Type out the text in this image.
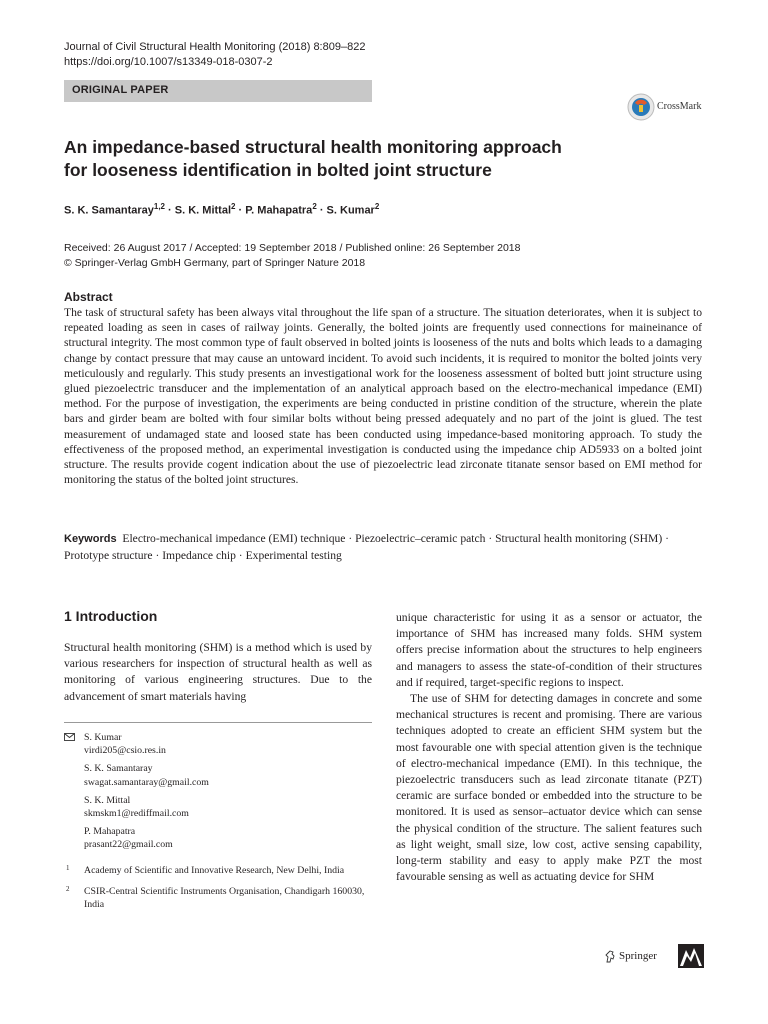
Journal of Civil Structural Health Monitoring (2018) 8:809–822
https://doi.org/10.1007/s13349-018-0307-2
ORIGINAL PAPER
CrossMark
An impedance-based structural health monitoring approach
for looseness identification in bolted joint structure
S. K. Samantaray$^{1,2}$ · S. K. Mittal$^2$ · P. Mahapatra$^2$ · S. Kumar$^2$
Received: 26 August 2017 / Accepted: 19 September 2018 / Published online: 26 September 2018
© Springer-Verlag GmbH Germany, part of Springer Nature 2018
Abstract
The task of structural safety has been always vital throughout the life span of a structure. The situation deteriorates, when it is subject to repeated loading as seen in cases of railway joints. Generally, the bolted joints are frequently used connections for maineinance of structural integrity. The most common type of fault observed in bolted joints is looseness of the nuts and bolts which leads to a damaging change by contact pressure that may cause an untoward incident. To avoid such incidents, it is required to monitor the bolted joints very meticulously and regularly. This study presents an investigational work for the looseness assessment of bolted butt joint structure using glued piezoelectric transducer and the implementation of an analytical approach based on the electro-mechanical impedance (EMI) method. For the purpose of investigation, the experiments are being conducted in pristine condition of the structure, wherein the plate bars and girder beam are bolted with four similar bolts without being pressed adequately and no part of the joint is glued. The test measurement of undamaged state and loosed state has been conducted using impedance-based monitoring approach. To study the effectiveness of the proposed method, an experimental investigation is conducted using the impedance chip AD5933 on a bolted joint structure. The results provide cogent indication about the use of piezoelectric lead zirconate titanate sensor based on EMI method for monitoring the status of the bolted joint structures.
Keywords Electro-mechanical impedance (EMI) technique · Piezoelectric–ceramic patch · Structural health monitoring (SHM) · Prototype structure · Impedance chip · Experimental testing
1 Introduction
Structural health monitoring (SHM) is a method which is used by various researchers for inspection of structural health as well as monitoring of various engineering structures. Due to the advancement of smart materials having
S. Kumar
virdi205@csio.res.in
S. K. Samantaray
swagat.samantaray@gmail.com
S. K. Mittal
skmskm1@rediffmail.com
P. Mahapatra
prasant22@gmail.com
1 Academy of Scientific and Innovative Research, New Delhi, India
2 CSIR-Central Scientific Instruments Organisation, Chandigarh 160030, India

unique characteristic for using it as a sensor or actuator, the importance of SHM has increased many folds. SHM system offers precise information about the structures to help engineers and managers to assess the state-of-condition of their structures and if required, target-specific regions to inspect.

The use of SHM for detecting damages in concrete and some mechanical structures is recent and promising. There are various techniques adopted to create an efficient SHM system but the most favourable one with special attention given is the technique of electro-mechanical impedance (EMI). In this technique, the piezoelectric transducers such as lead zirconate titanate (PZT) ceramic are surface bonded or embedded into the structure to be monitored. It is used as sensor–actuator device which can sense the physical condition of the structure. The salient features such as light weight, small size, low cost, active sensing capability, long-term stability and easy to apply make PZT the most favourable sensing as well as actuating device for SHM

Springer
